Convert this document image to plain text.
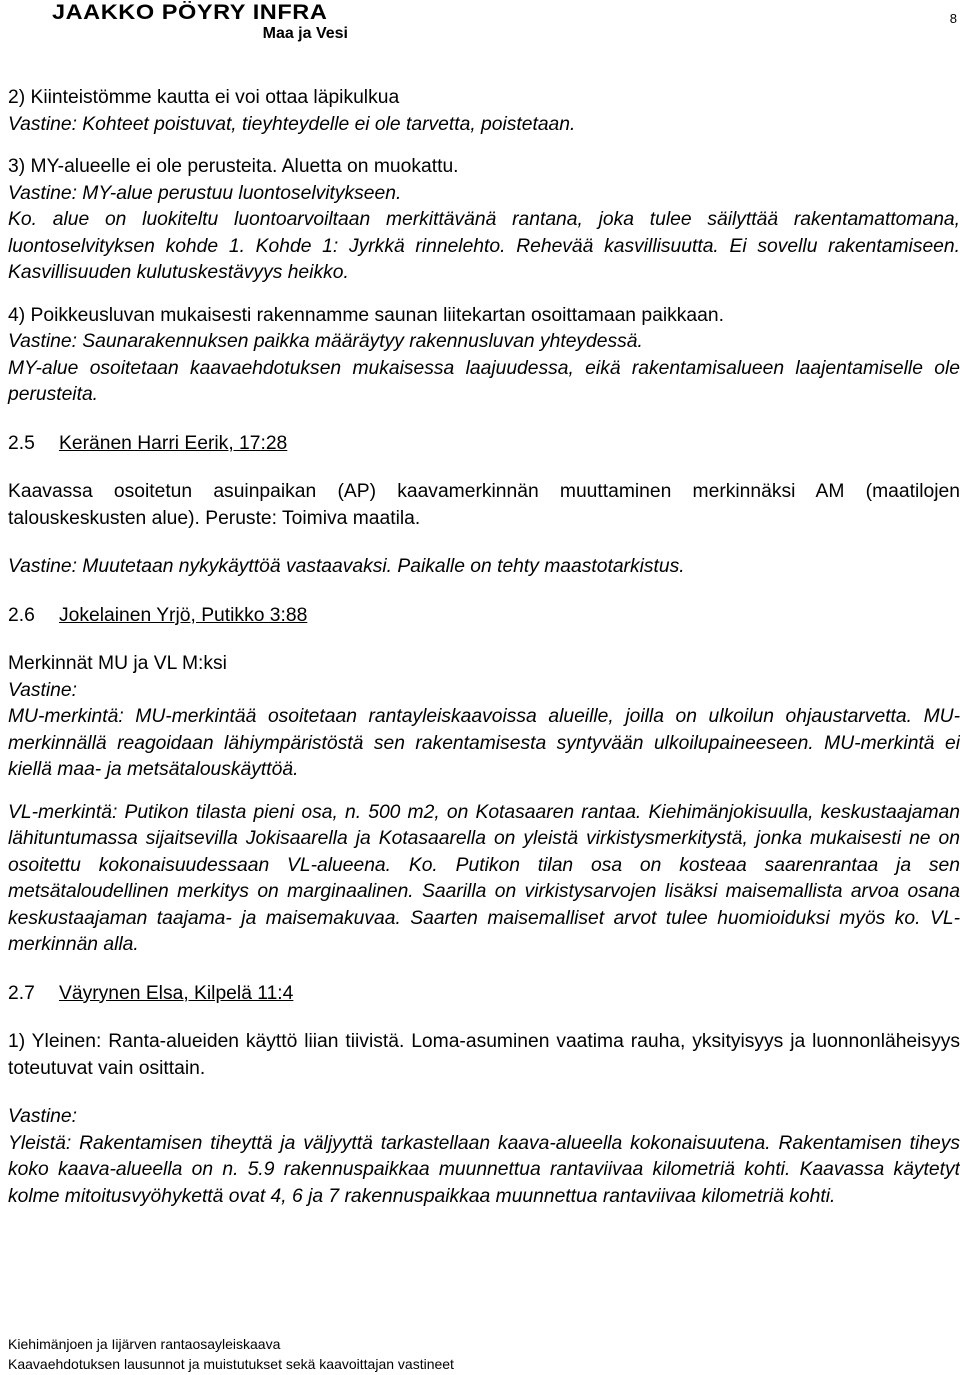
JAAKKO PÖYRY INFRA
Maa ja Vesi
8

2) Kiinteistömme kautta ei voi ottaa läpikulkua

Vastine: Kohteet poistuvat, tieyhteydelle ei ole tarvetta, poistetaan.

3) MY-alueelle ei ole perusteita. Aluetta on muokattu.

Vastine: MY-alue perustuu luontoselvitykseen.

Ko. alue on luokiteltu luontoarvoiltaan merkittävänä rantana, joka tulee säilyttää rakentamattomana, luontoselvityksen kohde 1. Kohde 1: Jyrkkä rinnelehto. Rehevää kasvillisuutta. Ei sovellu rakentamiseen. Kasvillisuuden kulutuskestävyys heikko.

4) Poikkeusluvan mukaisesti rakennamme saunan liitekartan osoittamaan paikkaan.

Vastine: Saunarakennuksen paikka määräytyy rakennusluvan yhteydessä.

MY-alue osoitetaan kaavaehdotuksen mukaisessa laajuudessa, eikä rakentamisalueen laajentamiselle ole perusteita.

2.5 Keränen Harri Eerik, 17:28

Kaavassa osoitetun asuinpaikan (AP) kaavamerkinnän muuttaminen merkinnäksi AM (maatilojen talouskeskusten alue). Peruste: Toimiva maatila.

Vastine: Muutetaan nykykäyttöä vastaavaksi. Paikalle on tehty maastotarkistus.

2.6 Jokelainen Yrjö, Putikko 3:88

Merkinnät MU ja VL M:ksi

Vastine:

MU-merkintä: MU-merkintää osoitetaan rantayleiskaavoissa alueille, joilla on ulkoilun ohjaustarvetta. MU-merkinnällä reagoidaan lähiympäristöstä sen rakentamisesta syntyvään ulkoilupaineeseen. MU-merkintä ei kiellä maa- ja metsätalouskäyttöä.

VL-merkintä: Putikon tilasta pieni osa, n. 500 m2, on Kotasaaren rantaa. Kiehimänjokisuulla, keskustaajaman lähituntumassa sijaitsevilla Jokisaarella ja Kotasaarella on yleistä virkistysmerkitystä, jonka mukaisesti ne on osoitettu kokonaisuudessaan VL-alueena. Ko. Putikon tilan osa on kosteaa saarenrantaa ja sen metsätaloudellinen merkitys on marginaalinen. Saarilla on virkistysarvojen lisäksi maisemallista arvoa osana keskustaajaman taajama- ja maisemakuvaa. Saarten maisemalliset arvot tulee huomioiduksi myös ko. VL-merkinnän alla.

2.7 Väyrynen Elsa, Kilpelä 11:4

1) Yleinen: Ranta-alueiden käyttö liian tiivistä. Loma-asuminen vaatima rauha, yksityisyys ja luonnonläheisyys toteutuvat vain osittain.

Vastine:

Yleistä: Rakentamisen tiheyttä ja väljyyttä tarkastellaan kaava-alueella kokonaisuutena. Rakentamisen tiheys koko kaava-alueella on n. 5.9 rakennuspaikkaa muunnettua rantaviivaa kilometriä kohti. Kaavassa käytetyt kolme mitoitusvyöhykettä ovat 4, 6 ja 7 rakennuspaikkaa muunnettua rantaviivaa kilometriä kohti.

Kiehimänjoen ja Iijärven rantaosayleiskaava
Kaavaehdotuksen lausunnot ja muistutukset sekä kaavoittajan vastineet
